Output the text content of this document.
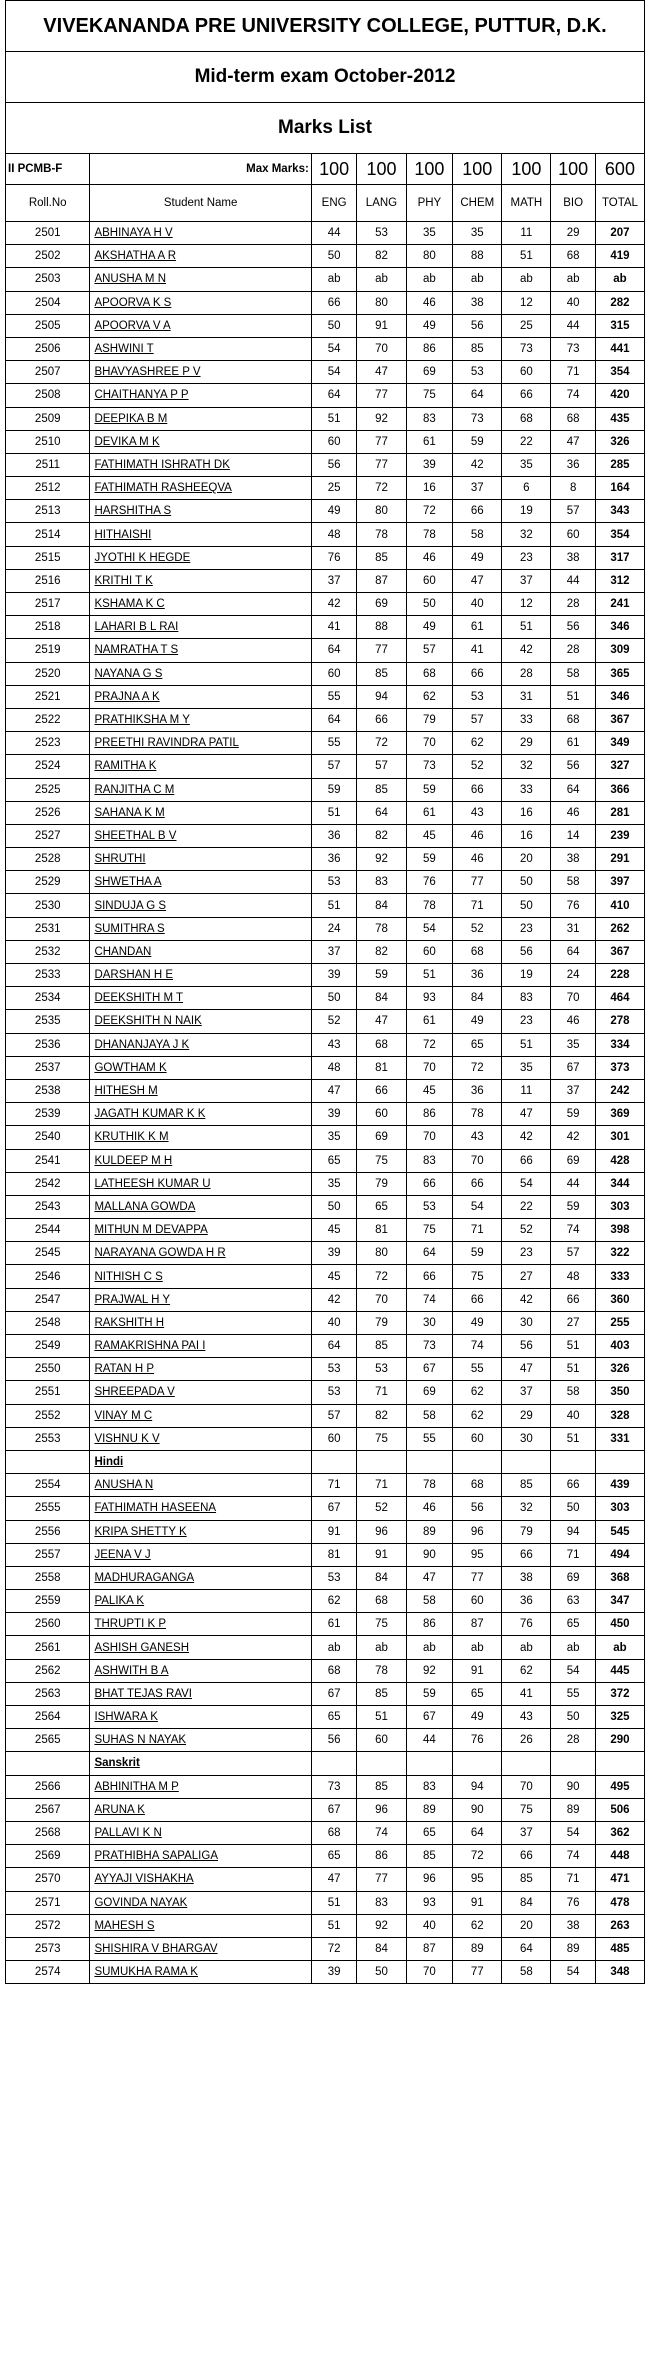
VIVEKANANDA PRE UNIVERSITY COLLEGE, PUTTUR, D.K.
Mid-term exam October-2012
Marks List
II PCMB-F	Max Marks:	100	100	100	100	100	100	600
Roll.No	Student Name	ENG	LANG	PHY	CHEM	MATH	BIO	TOTAL
2501	ABHINAYA H V	44	53	35	35	11	29	207
2502	AKSHATHA A R	50	82	80	88	51	68	419
2503	ANUSHA M N	ab	ab	ab	ab	ab	ab	ab
2504	APOORVA K S	66	80	46	38	12	40	282
2505	APOORVA V A	50	91	49	56	25	44	315
2506	ASHWINI T	54	70	86	85	73	73	441
2507	BHAVYASHREE P V	54	47	69	53	60	71	354
2508	CHAITHANYA P P	64	77	75	64	66	74	420
2509	DEEPIKA B M	51	92	83	73	68	68	435
2510	DEVIKA M K	60	77	61	59	22	47	326
2511	FATHIMATH ISHRATH DK	56	77	39	42	35	36	285
2512	FATHIMATH RASHEEQVA	25	72	16	37	6	8	164
2513	HARSHITHA S	49	80	72	66	19	57	343
2514	HITHAISHI	48	78	78	58	32	60	354
2515	JYOTHI K HEGDE	76	85	46	49	23	38	317
2516	KRITHI T K	37	87	60	47	37	44	312
2517	KSHAMA K C	42	69	50	40	12	28	241
2518	LAHARI B L RAI	41	88	49	61	51	56	346
2519	NAMRATHA T S	64	77	57	41	42	28	309
2520	NAYANA G S	60	85	68	66	28	58	365
2521	PRAJNA A K	55	94	62	53	31	51	346
2522	PRATHIKSHA M Y	64	66	79	57	33	68	367
2523	PREETHI RAVINDRA PATIL	55	72	70	62	29	61	349
2524	RAMITHA K	57	57	73	52	32	56	327
2525	RANJITHA C M	59	85	59	66	33	64	366
2526	SAHANA K M	51	64	61	43	16	46	281
2527	SHEETHAL B V	36	82	45	46	16	14	239
2528	SHRUTHI	36	92	59	46	20	38	291
2529	SHWETHA A	53	83	76	77	50	58	397
2530	SINDUJA G S	51	84	78	71	50	76	410
2531	SUMITHRA S	24	78	54	52	23	31	262
2532	CHANDAN	37	82	60	68	56	64	367
2533	DARSHAN H E	39	59	51	36	19	24	228
2534	DEEKSHITH M T	50	84	93	84	83	70	464
2535	DEEKSHITH N NAIK	52	47	61	49	23	46	278
2536	DHANANJAYA J K	43	68	72	65	51	35	334
2537	GOWTHAM K	48	81	70	72	35	67	373
2538	HITHESH M	47	66	45	36	11	37	242
2539	JAGATH KUMAR K K	39	60	86	78	47	59	369
2540	KRUTHIK K M	35	69	70	43	42	42	301
2541	KULDEEP M H	65	75	83	70	66	69	428
2542	LATHEESH KUMAR U	35	79	66	66	54	44	344
2543	MALLANA GOWDA	50	65	53	54	22	59	303
2544	MITHUN M DEVAPPA	45	81	75	71	52	74	398
2545	NARAYANA GOWDA H R	39	80	64	59	23	57	322
2546	NITHISH C S	45	72	66	75	27	48	333
2547	PRAJWAL H Y	42	70	74	66	42	66	360
2548	RAKSHITH H	40	79	30	49	30	27	255
2549	RAMAKRISHNA PAI I	64	85	73	74	56	51	403
2550	RATAN H P	53	53	67	55	47	51	326
2551	SHREEPADA V	53	71	69	62	37	58	350
2552	VINAY M C	57	82	58	62	29	40	328
2553	VISHNU K V	60	75	55	60	30	51	331
	Hindi							
2554	ANUSHA N	71	71	78	68	85	66	439
2555	FATHIMATH HASEENA	67	52	46	56	32	50	303
2556	KRIPA SHETTY K	91	96	89	96	79	94	545
2557	JEENA V J	81	91	90	95	66	71	494
2558	MADHURAGANGA	53	84	47	77	38	69	368
2559	PALIKA K	62	68	58	60	36	63	347
2560	THRUPTI K P	61	75	86	87	76	65	450
2561	ASHISH GANESH	ab	ab	ab	ab	ab	ab	ab
2562	ASHWITH B A	68	78	92	91	62	54	445
2563	BHAT TEJAS RAVI	67	85	59	65	41	55	372
2564	ISHWARA K	65	51	67	49	43	50	325
2565	SUHAS N NAYAK	56	60	44	76	26	28	290
	Sanskrit							
2566	ABHINITHA M P	73	85	83	94	70	90	495
2567	ARUNA K	67	96	89	90	75	89	506
2568	PALLAVI K N	68	74	65	64	37	54	362
2569	PRATHIBHA SAPALIGA	65	86	85	72	66	74	448
2570	AYYAJI VISHAKHA	47	77	96	95	85	71	471
2571	GOVINDA NAYAK	51	83	93	91	84	76	478
2572	MAHESH S	51	92	40	62	20	38	263
2573	SHISHIRA V BHARGAV	72	84	87	89	64	89	485
2574	SUMUKHA RAMA K	39	50	70	77	58	54	348
